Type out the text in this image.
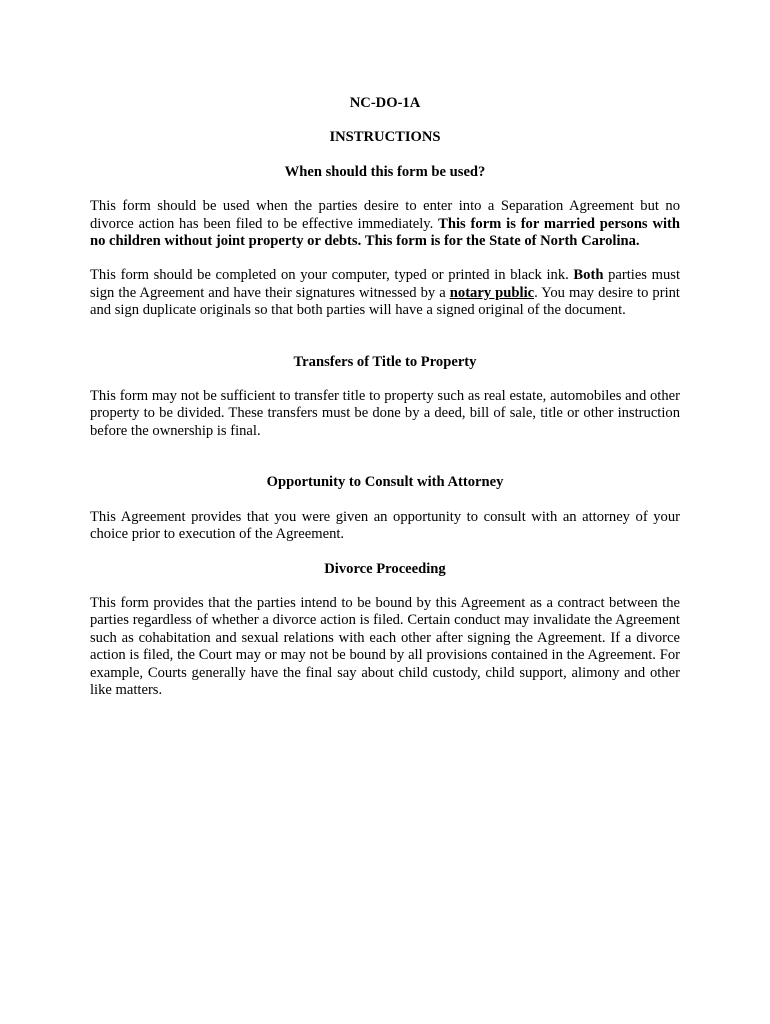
NC-DO-1A

INSTRUCTIONS

When should this form be used?

This form should be used when the parties desire to enter into a Separation Agreement but no divorce action has been filed to be effective immediately. This form is for married persons with no children without joint property or debts. This form is for the State of North Carolina.

This form should be completed on your computer, typed or printed in black ink. Both parties must sign the Agreement and have their signatures witnessed by a notary public. You may desire to print and sign duplicate originals so that both parties will have a signed original of the document.

Transfers of Title to Property

This form may not be sufficient to transfer title to property such as real estate, automobiles and other property to be divided. These transfers must be done by a deed, bill of sale, title or other instruction before the ownership is final.

Opportunity to Consult with Attorney

This Agreement provides that you were given an opportunity to consult with an attorney of your choice prior to execution of the Agreement.

Divorce Proceeding

This form provides that the parties intend to be bound by this Agreement as a contract between the parties regardless of whether a divorce action is filed. Certain conduct may invalidate the Agreement such as cohabitation and sexual relations with each other after signing the Agreement. If a divorce action is filed, the Court may or may not be bound by all provisions contained in the Agreement. For example, Courts generally have the final say about child custody, child support, alimony and other like matters.
